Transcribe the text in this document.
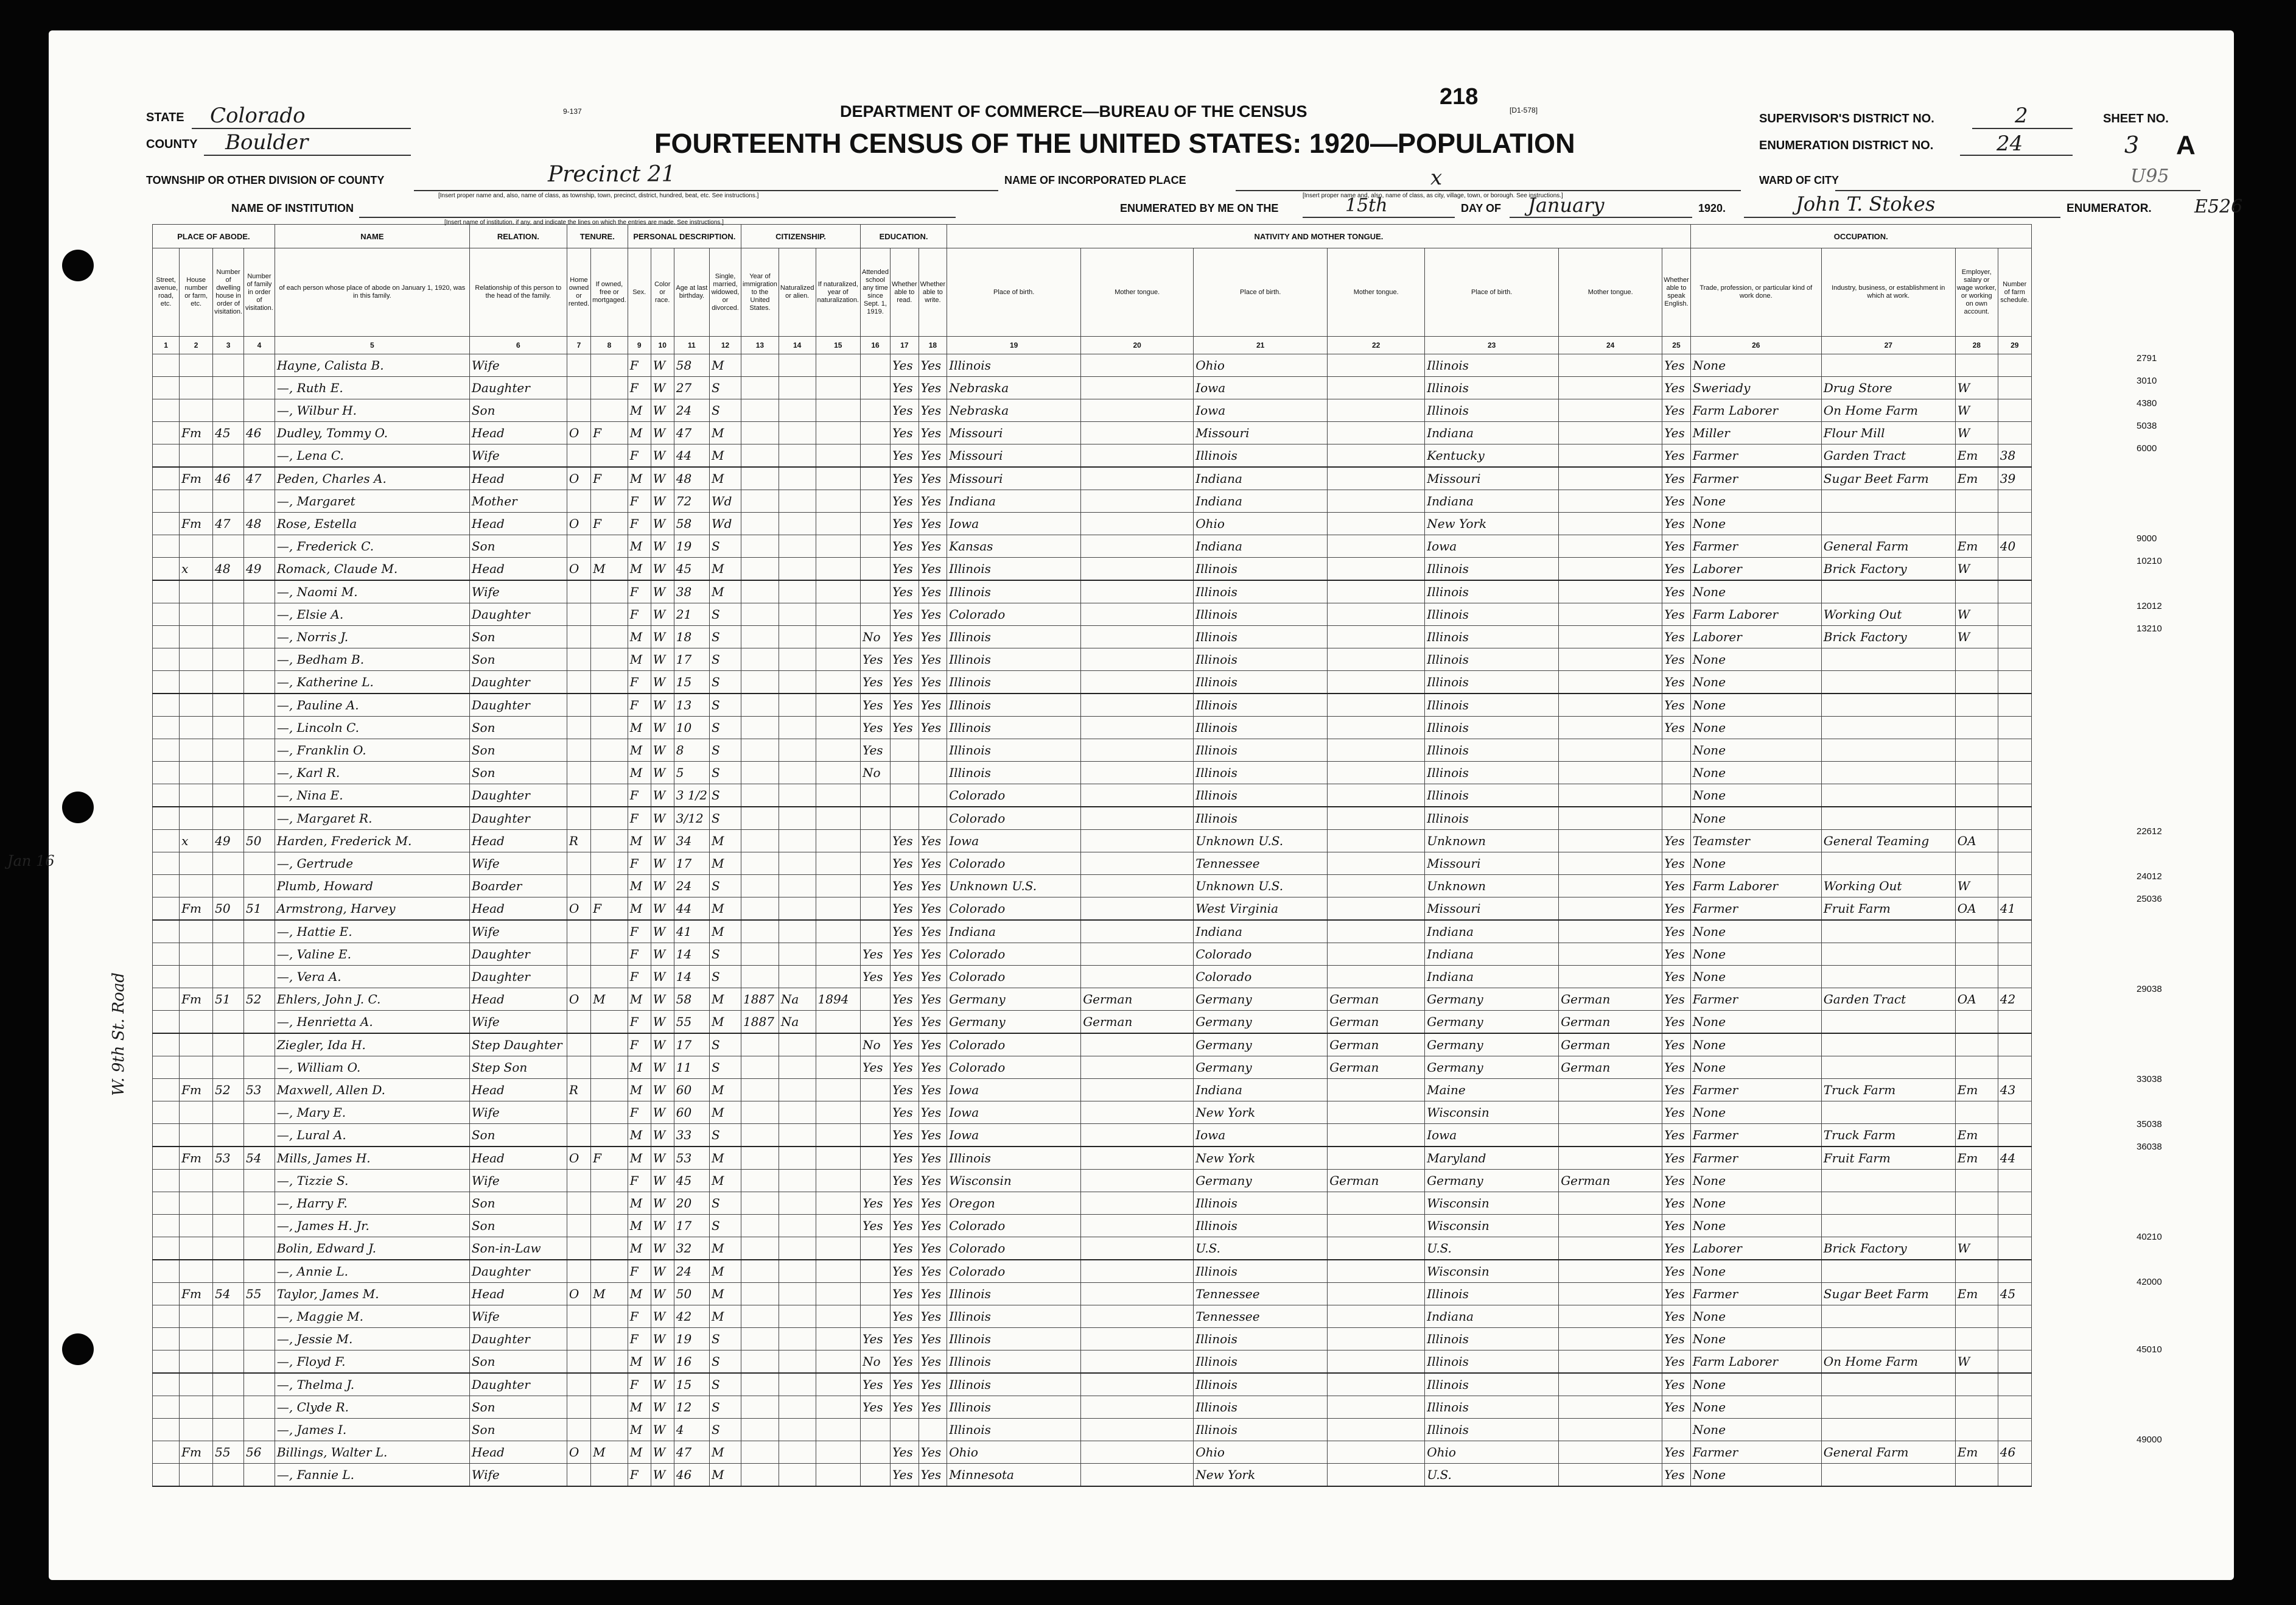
9-137	[D1-578]
218
DEPARTMENT OF COMMERCE—BUREAU OF THE CENSUS
FOURTEENTH CENSUS OF THE UNITED STATES: 1920—POPULATION
STATE Colorado
COUNTY Boulder
TOWNSHIP OR OTHER DIVISION OF COUNTY	Precinct 21
[Insert proper name and, also, name of class, as township, town, precinct, district, hundred, beat, etc. See instructions.]
NAME OF INSTITUTION
[Insert name of institution, if any, and indicate the lines on which the entries are made. See instructions.]
NAME OF INCORPORATED PLACE	x
[Insert proper name and, also, name of class, as city, village, town, or borough. See instructions.]
ENUMERATED BY ME ON THE	15th	DAY OF January	1920.	John T. Stokes	ENUMERATOR. E526
SUPERVISOR'S DISTRICT NO.	2
ENUMERATION DISTRICT NO.	24
SHEET NO.
3 A
WARD OF CITY	U95
Jan 16
W. 9th St. Road
2791
3010
4380
5038
6000
9000
10210
12012
13210
22612
24012
25036
29038
33038
35038
36038
40210
42000
45010
49000
PLACE OF ABODE.				NAME	RELATION.	TENURE.		PERSONAL DESCRIPTION.				CITIZENSHIP.			EDUCATION.			NATIVITY AND MOTHER TONGUE.							OCCUPATION.			
Street, avenue, road, etc.	House number or farm, etc.	Number of dwelling house in order of visitation.	Number of family in order of visitation.	of each person whose place of abode on January 1, 1920, was in this family.	Relationship of this person to the head of the family.	Home owned or rented.	If owned, free or mortgaged.	Sex.	Color or race.	Age at last birthday.	Single, married, widowed, or divorced.	Year of immigration to the United States.	Naturalized or alien.	If naturalized, year of naturalization.	Attended school any time since Sept. 1, 1919.	Whether able to read.	Whether able to write.	Place of birth.	Mother tongue.	Place of birth.	Mother tongue.	Place of birth.	Mother tongue.	Whether able to speak English.	Trade, profession, or particular kind of work done.	Industry, business, or establishment in which at work.	Employer, salary or wage worker, or working on own account.	Number of farm schedule.
1	2	3	4	5	6	7	8	9	10	11	12	13	14	15	16	17	18	19	20	21	22	23	24	25	26	27	28	29
				Hayne, Calista B.	Wife			F	W	58	M					Yes	Yes	Illinois		Ohio		Illinois		Yes	None			
				—, Ruth E.	Daughter			F	W	27	S					Yes	Yes	Nebraska		Iowa		Illinois		Yes	Sweriady	Drug Store	W	
				—, Wilbur H.	Son			M	W	24	S					Yes	Yes	Nebraska		Iowa		Illinois		Yes	Farm Laborer	On Home Farm	W	
	Fm	45	46	Dudley, Tommy O.	Head	O	F	M	W	47	M					Yes	Yes	Missouri		Missouri		Indiana		Yes	Miller	Flour Mill	W	
				—, Lena C.	Wife			F	W	44	M					Yes	Yes	Missouri		Illinois		Kentucky		Yes	Farmer	Garden Tract	Em	38
	Fm	46	47	Peden, Charles A.	Head	O	F	M	W	48	M					Yes	Yes	Missouri		Indiana		Missouri		Yes	Farmer	Sugar Beet Farm	Em	39
				—, Margaret	Mother			F	W	72	Wd					Yes	Yes	Indiana		Indiana		Indiana		Yes	None			
	Fm	47	48	Rose, Estella	Head	O	F	F	W	58	Wd					Yes	Yes	Iowa		Ohio		New York		Yes	None			
				—, Frederick C.	Son			M	W	19	S					Yes	Yes	Kansas		Indiana		Iowa		Yes	Farmer	General Farm	Em	40
	x	48	49	Romack, Claude M.	Head	O	M	M	W	45	M					Yes	Yes	Illinois		Illinois		Illinois		Yes	Laborer	Brick Factory	W	
				—, Naomi M.	Wife			F	W	38	M					Yes	Yes	Illinois		Illinois		Illinois		Yes	None			
				—, Elsie A.	Daughter			F	W	21	S					Yes	Yes	Colorado		Illinois		Illinois		Yes	Farm Laborer	Working Out	W	
				—, Norris J.	Son			M	W	18	S				No	Yes	Yes	Illinois		Illinois		Illinois		Yes	Laborer	Brick Factory	W	
				—, Bedham B.	Son			M	W	17	S				Yes	Yes	Yes	Illinois		Illinois		Illinois		Yes	None			
				—, Katherine L.	Daughter			F	W	15	S				Yes	Yes	Yes	Illinois		Illinois		Illinois		Yes	None			
				—, Pauline A.	Daughter			F	W	13	S				Yes	Yes	Yes	Illinois		Illinois		Illinois		Yes	None			
				—, Lincoln C.	Son			M	W	10	S				Yes	Yes	Yes	Illinois		Illinois		Illinois		Yes	None			
				—, Franklin O.	Son			M	W	8	S				Yes			Illinois		Illinois		Illinois			None			
				—, Karl R.	Son			M	W	5	S				No			Illinois		Illinois		Illinois			None			
				—, Nina E.	Daughter			F	W	3 1/2	S							Colorado		Illinois		Illinois			None			
				—, Margaret R.	Daughter			F	W	3/12	S							Colorado		Illinois		Illinois			None			
	x	49	50	Harden, Frederick M.	Head	R		M	W	34	M					Yes	Yes	Iowa		Unknown U.S.		Unknown		Yes	Teamster	General Teaming	OA	
				—, Gertrude	Wife			F	W	17	M					Yes	Yes	Colorado		Tennessee		Missouri		Yes	None			
				Plumb, Howard	Boarder			M	W	24	S					Yes	Yes	Unknown U.S.		Unknown U.S.		Unknown		Yes	Farm Laborer	Working Out	W	
	Fm	50	51	Armstrong, Harvey	Head	O	F	M	W	44	M					Yes	Yes	Colorado		West Virginia		Missouri		Yes	Farmer	Fruit Farm	OA	41
				—, Hattie E.	Wife			F	W	41	M					Yes	Yes	Indiana		Indiana		Indiana		Yes	None			
				—, Valine E.	Daughter			F	W	14	S				Yes	Yes	Yes	Colorado		Colorado		Indiana		Yes	None			
				—, Vera A.	Daughter			F	W	14	S				Yes	Yes	Yes	Colorado		Colorado		Indiana		Yes	None			
	Fm	51	52	Ehlers, John J. C.	Head	O	M	M	W	58	M	1887	Na	1894		Yes	Yes	Germany	German	Germany	German	Germany	German	Yes	Farmer	Garden Tract	OA	42
				—, Henrietta A.	Wife			F	W	55	M	1887	Na			Yes	Yes	Germany	German	Germany	German	Germany	German	Yes	None			
				Ziegler, Ida H.	Step Daughter			F	W	17	S				No	Yes	Yes	Colorado		Germany	German	Germany	German	Yes	None			
				—, William O.	Step Son			M	W	11	S				Yes	Yes	Yes	Colorado		Germany	German	Germany	German	Yes	None			
	Fm	52	53	Maxwell, Allen D.	Head	R		M	W	60	M					Yes	Yes	Iowa		Indiana		Maine		Yes	Farmer	Truck Farm	Em	43
				—, Mary E.	Wife			F	W	60	M					Yes	Yes	Iowa		New York		Wisconsin		Yes	None			
				—, Lural A.	Son			M	W	33	S					Yes	Yes	Iowa		Iowa		Iowa		Yes	Farmer	Truck Farm	Em	
	Fm	53	54	Mills, James H.	Head	O	F	M	W	53	M					Yes	Yes	Illinois		New York		Maryland		Yes	Farmer	Fruit Farm	Em	44
				—, Tizzie S.	Wife			F	W	45	M					Yes	Yes	Wisconsin		Germany	German	Germany	German	Yes	None			
				—, Harry F.	Son			M	W	20	S				Yes	Yes	Yes	Oregon		Illinois		Wisconsin		Yes	None			
				—, James H. Jr.	Son			M	W	17	S				Yes	Yes	Yes	Colorado		Illinois		Wisconsin		Yes	None			
				Bolin, Edward J.	Son-in-Law			M	W	32	M					Yes	Yes	Colorado		U.S.		U.S.		Yes	Laborer	Brick Factory	W	
				—, Annie L.	Daughter			F	W	24	M					Yes	Yes	Colorado		Illinois		Wisconsin		Yes	None			
	Fm	54	55	Taylor, James M.	Head	O	M	M	W	50	M					Yes	Yes	Illinois		Tennessee		Illinois		Yes	Farmer	Sugar Beet Farm	Em	45
				—, Maggie M.	Wife			F	W	42	M					Yes	Yes	Illinois		Tennessee		Indiana		Yes	None			
				—, Jessie M.	Daughter			F	W	19	S				Yes	Yes	Yes	Illinois		Illinois		Illinois		Yes	None			
				—, Floyd F.	Son			M	W	16	S				No	Yes	Yes	Illinois		Illinois		Illinois		Yes	Farm Laborer	On Home Farm	W	
				—, Thelma J.	Daughter			F	W	15	S				Yes	Yes	Yes	Illinois		Illinois		Illinois		Yes	None			
				—, Clyde R.	Son			M	W	12	S				Yes	Yes	Yes	Illinois		Illinois		Illinois		Yes	None			
				—, James I.	Son			M	W	4	S							Illinois		Illinois		Illinois			None			
	Fm	55	56	Billings, Walter L.	Head	O	M	M	W	47	M					Yes	Yes	Ohio		Ohio		Ohio		Yes	Farmer	General Farm	Em	46
				—, Fannie L.	Wife			F	W	46	M					Yes	Yes	Minnesota		New York		U.S.		Yes	None			
